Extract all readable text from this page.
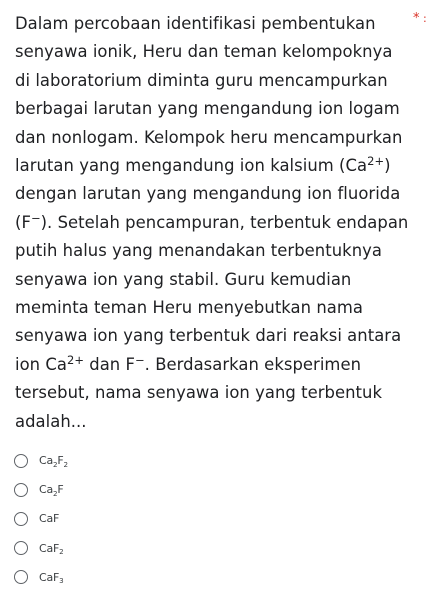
Dalam percobaan identifikasi pembentukan
senyawa ionik, Heru dan teman kelompoknya
di laboratorium diminta guru mencampurkan
berbagai larutan yang mengandung ion logam
dan nonlogam. Kelompok heru mencampurkan
larutan yang mengandung ion kalsium $(Ca^{2+})$
dengan larutan yang mengandung ion fluorida
(F−). Setelah pencampuran, terbentuk endapan
putih halus yang menandakan terbentuknya
senyawa ion yang stabil. Guru kemudian
meminta teman Heru menyebutkan nama
senyawa ion yang terbentuk dari reaksi antara
ion $Ca^{2+}$ dan F−. Berdasarkan eksperimen
tersebut, nama senyawa ion yang terbentuk
adalah...
* :
$Ca_2F_2$
$Ca_2F$
CaF
CaF$_2$
CaF$_3$
